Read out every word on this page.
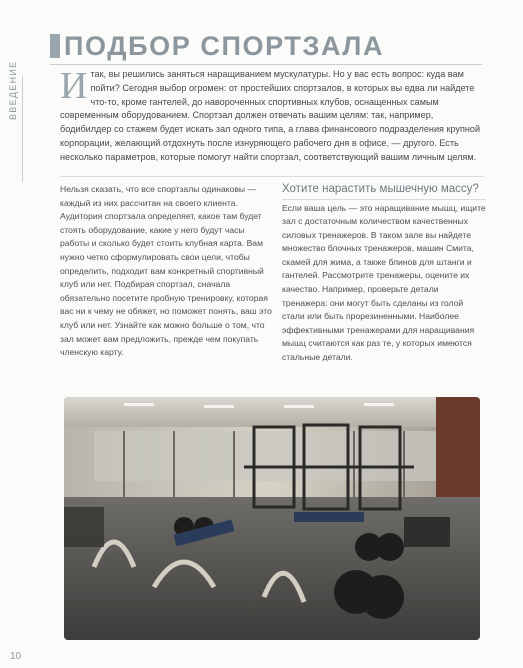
ПОДБОР СПОРТЗАЛА
ВВЕДЕНИЕ И так, вы решились заняться наращиванием мускулатуры. Но у вас есть вопрос: куда вам пойти? Сегодня выбор огромен: от простейших спортзалов, в которых вы едва ли найдете что-то, кроме гантелей, до навороченных спортивных клубов, оснащенных самым современным оборудованием. Спортзал должен отвечать вашим целям: так, например, бодибилдер со стажем будет искать зал одного типа, а глава финансового подразделения крупной корпорации, желающий отдохнуть после изнуряющего рабочего дня в офисе, — другого. Есть несколько параметров, которые помогут найти спортзал, соответствующий вашим личным целям.
Нельзя сказать, что все спортзалы одинаковы — каждый из них рассчитан на своего клиента. Аудитория спортзала определяет, какое там будет стоять оборудование, какие у него будут часы работы и сколько будет стоить клубная карта. Вам нужно четко сформулировать свои цели, чтобы определить, подходит вам конкретный спортивный клуб или нет. Подбирая спортзал, сначала обязательно посетите пробную тренировку, которая вас ни к чему не обяжет, но поможет понять, ваш это клуб или нет. Узнайте как можно больше о том, что зал может вам предложить, прежде чем покупать членскую карту.
Хотите нарастить мышечную массу?
Если ваша цель — это наращивание мышц, ищите зал с достаточным количеством качественных силовых тренажеров. В таком зале вы найдете множество блочных тренажеров, машин Смита, скамей для жима, а также блинов для штанги и гантелей. Рассмотрите тренажеры, оцените их качество. Например, проверьте детали тренажера: они могут быть сделаны из голой стали или быть прорезиненными. Наиболее эффективными тренажерами для наращивания мышц считаются как раз те, у которых имеются стальные детали.
10
